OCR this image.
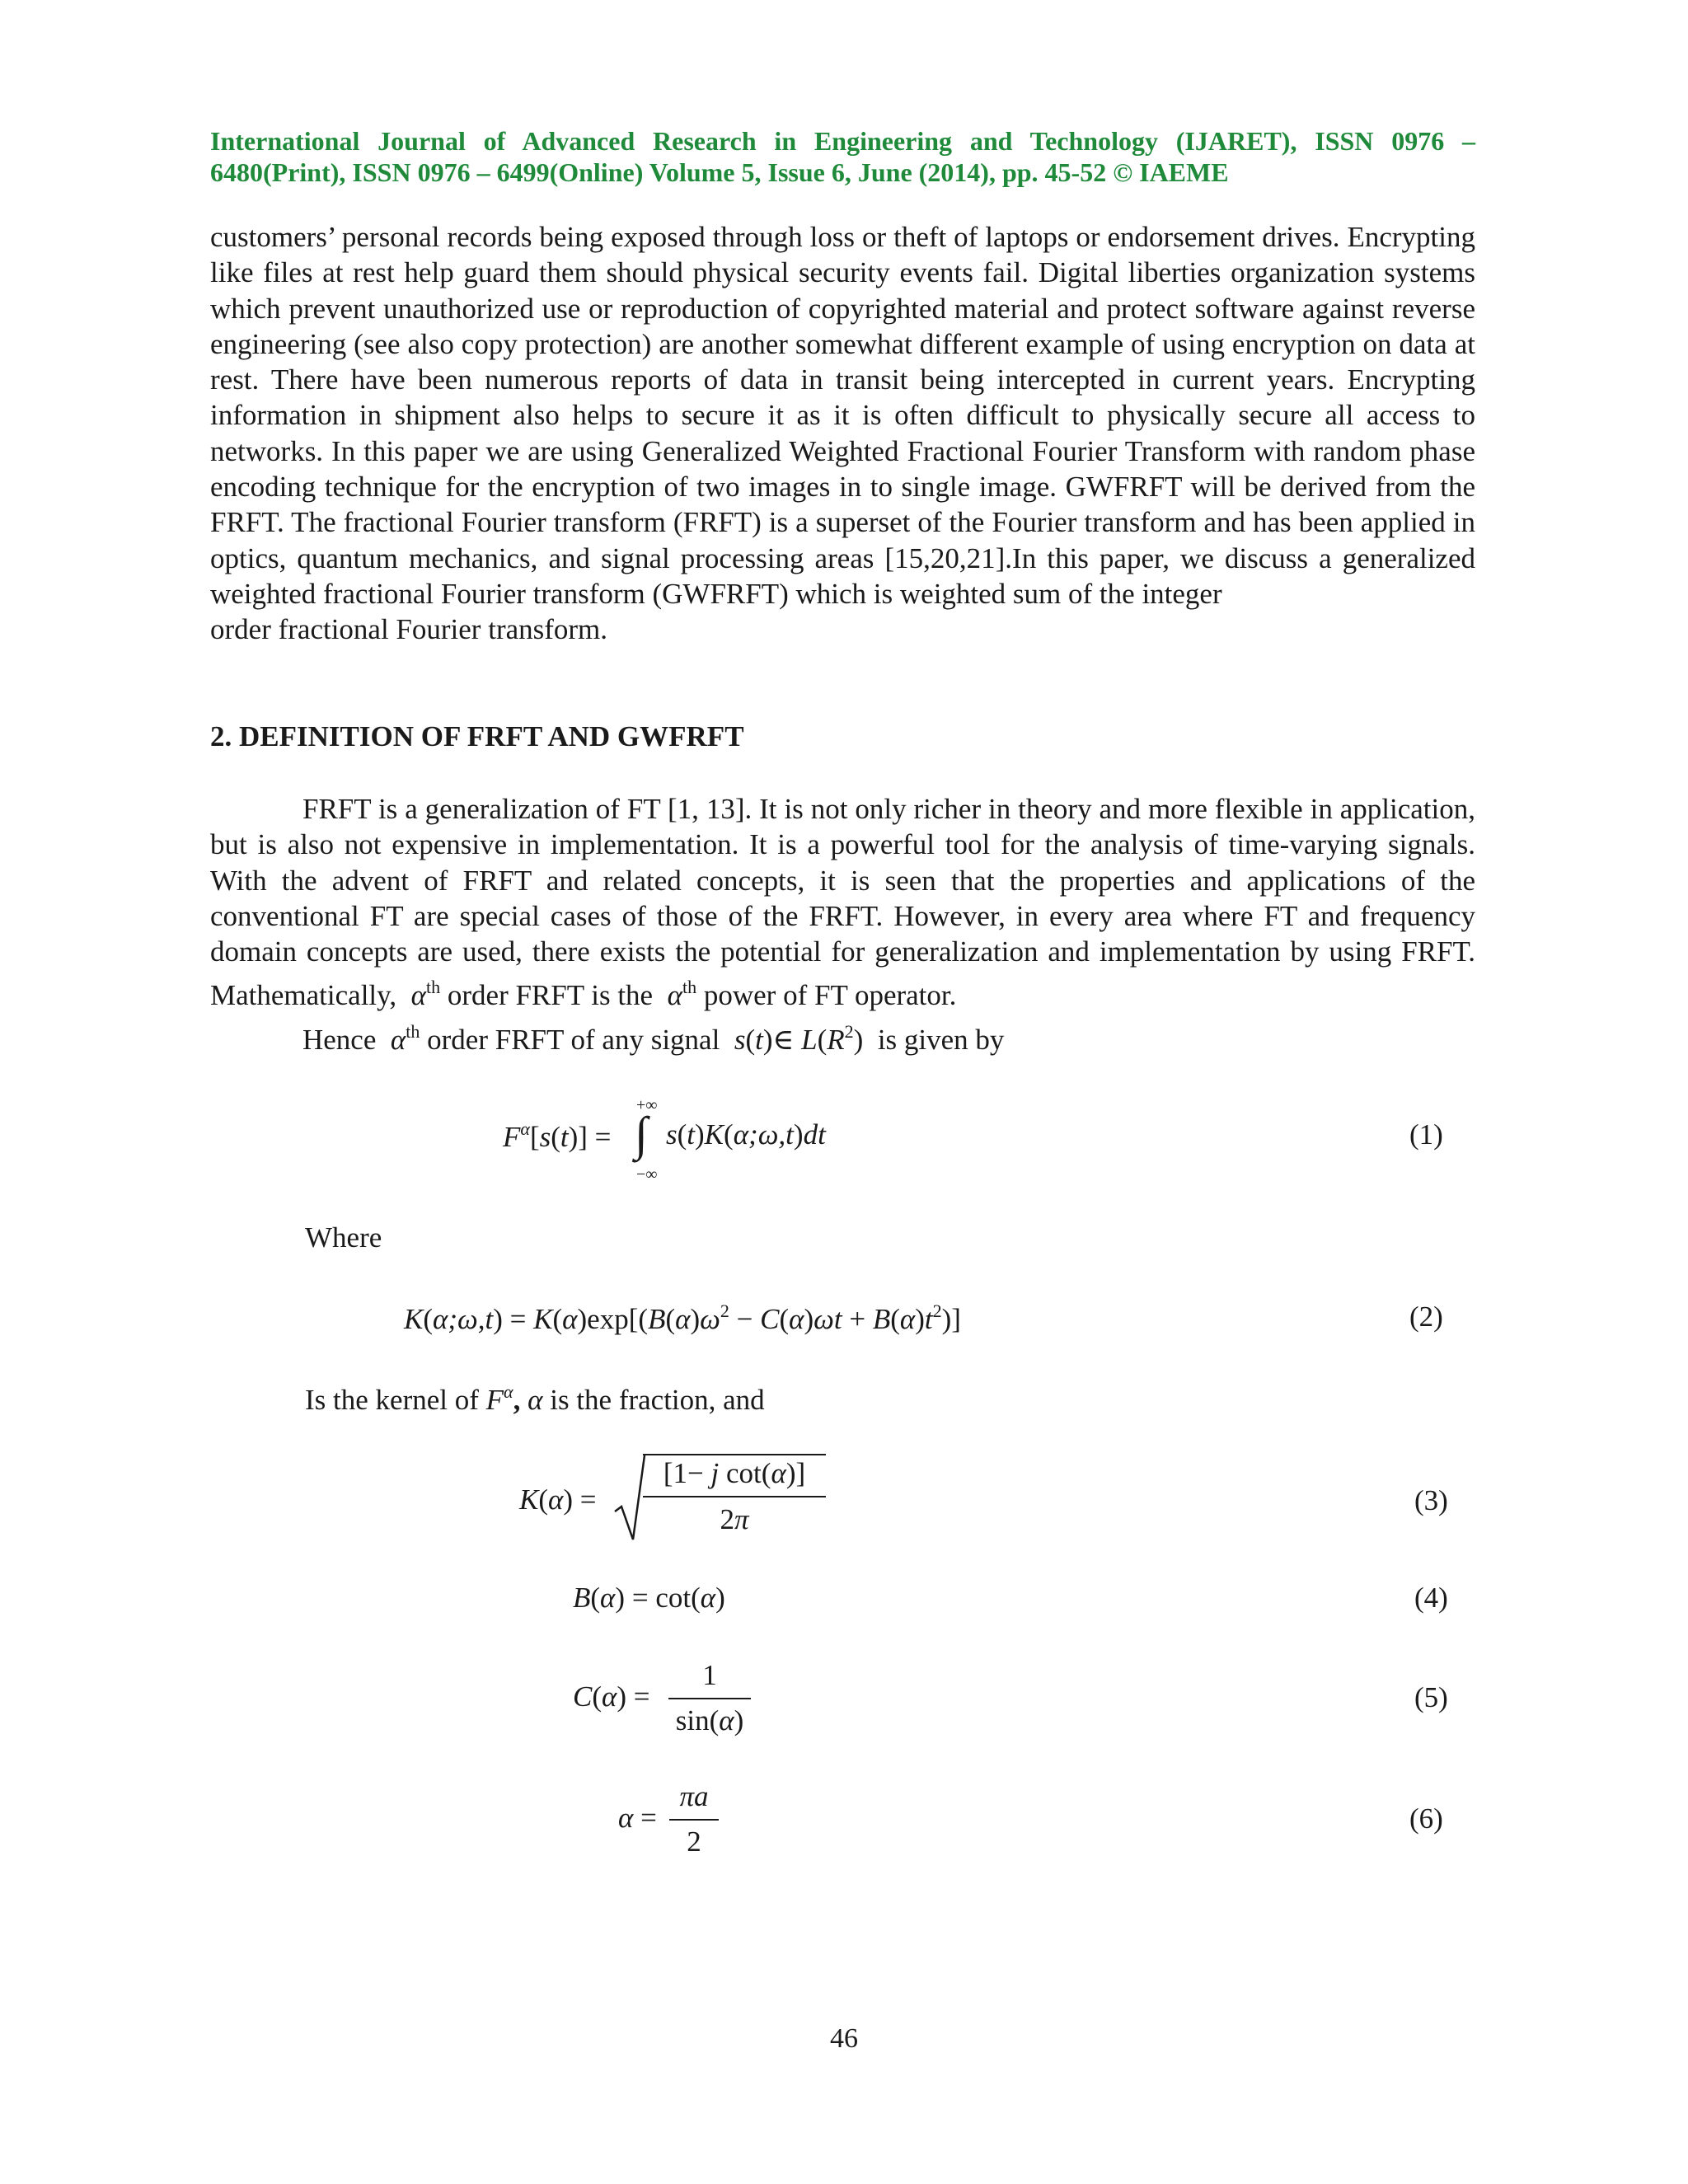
International Journal of Advanced Research in Engineering and Technology (IJARET), ISSN 0976 –
6480(Print), ISSN 0976 – 6499(Online) Volume 5, Issue 6, June (2014), pp. 45-52 © IAEME
customers’ personal records being exposed through loss or theft of laptops or endorsement drives. Encrypting like files at rest help guard them should physical security events fail. Digital liberties organization systems which prevent unauthorized use or reproduction of copyrighted material and protect software against reverse engineering (see also copy protection) are another somewhat different example of using encryption on data at rest. There have been numerous reports of data in transit being intercepted in current years. Encrypting information in shipment also helps to secure it as it is often difficult to physically secure all access to networks. In this paper we are using Generalized Weighted Fractional Fourier Transform with random phase encoding technique for the encryption of two images in to single image. GWFRFT will be derived from the FRFT. The fractional Fourier transform (FRFT) is a superset of the Fourier transform and has been applied in optics, quantum mechanics, and signal processing areas [15,20,21].In this paper, we discuss a generalized weighted fractional Fourier transform (GWFRFT) which is weighted sum of the integer
order fractional Fourier transform.
2. DEFINITION OF FRFT AND GWFRFT
FRFT is a generalization of FT [1, 13]. It is not only richer in theory and more flexible in application, but is also not expensive in implementation. It is a powerful tool for the analysis of time-varying signals. With the advent of FRFT and related concepts, it is seen that the properties and applications of the conventional FT are special cases of those of the FRFT. However, in every area where FT and frequency domain concepts are used, there exists the potential for generalization and implementation by using FRFT. Mathematically,  $\alpha^{th}$ order FRFT is the  $\alpha^{th}$ power of FT operator.
Hence  $\alpha^{th}$ order FRFT of any signal  s(t)∈ $L(R^2)$ is given by
$F^\alpha[s(t)]$ =
+∞
∫
−∞
s(t)K(α;ω,t)dt	(1)
Where
K(α;ω,t) = $K(\alpha)\exp[(B(\alpha)\omega^2 - C(\alpha)\omega t + B(\alpha)t^2)]$	(2)
Is the kernel of $F^\alpha$, α is the fraction, and
K(α) =
[1− j cot(α)]
2π
(3)
B(α) = cot(α)	(4)
C(α) =
1
sin(α)
(5)
α =
πa
2
(6)
46
